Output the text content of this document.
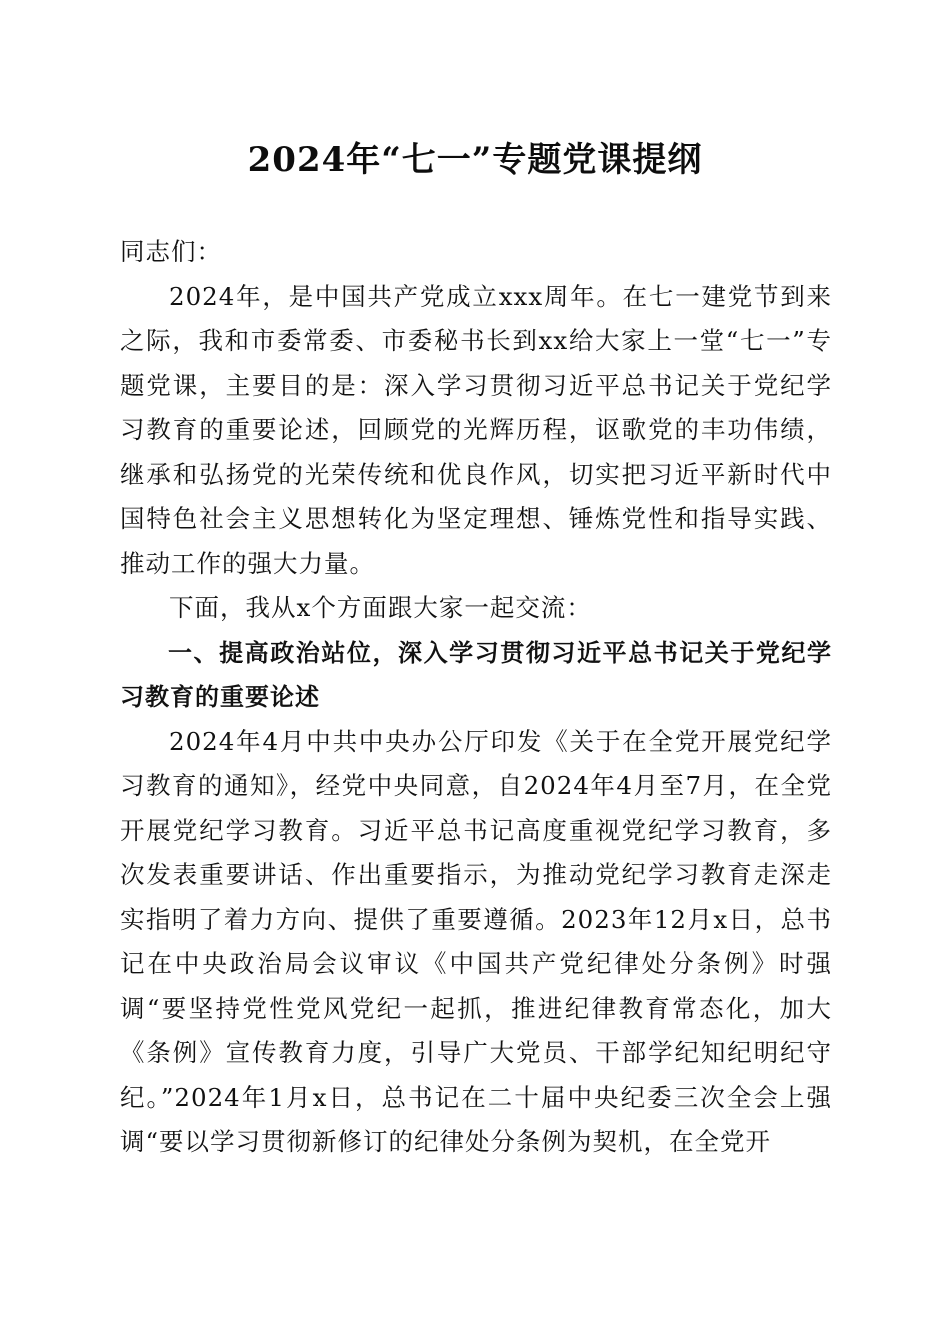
2024年“七一”专题党课提纲

同志们：

2024年，是中国共产党成立xxx周年。在七一建党节到来之际，我和市委常委、市委秘书长到xx给大家上一堂“七一”专题党课，主要目的是：深入学习贯彻习近平总书记关于党纪学习教育的重要论述，回顾党的光辉历程，讴歌党的丰功伟绩，继承和弘扬党的光荣传统和优良作风，切实把习近平新时代中国特色社会主义思想转化为坚定理想、锤炼党性和指导实践、推动工作的强大力量。

下面，我从x个方面跟大家一起交流：

一、提高政治站位，深入学习贯彻习近平总书记关于党纪学习教育的重要论述

2024年4月中共中央办公厅印发《关于在全党开展党纪学习教育的通知》，经党中央同意，自2024年4月至7月，在全党开展党纪学习教育。习近平总书记高度重视党纪学习教育，多次发表重要讲话、作出重要指示，为推动党纪学习教育走深走实指明了着力方向、提供了重要遵循。2023年12月x日，总书记在中央政治局会议审议《中国共产党纪律处分条例》时强调“要坚持党性党风党纪一起抓，推进纪律教育常态化，加大《条例》宣传教育力度，引导广大党员、干部学纪知纪明纪守纪。”2024年1月x日，总书记在二十届中央纪委三次全会上强调“要以学习贯彻新修订的纪律处分条例为契机，在全党开
